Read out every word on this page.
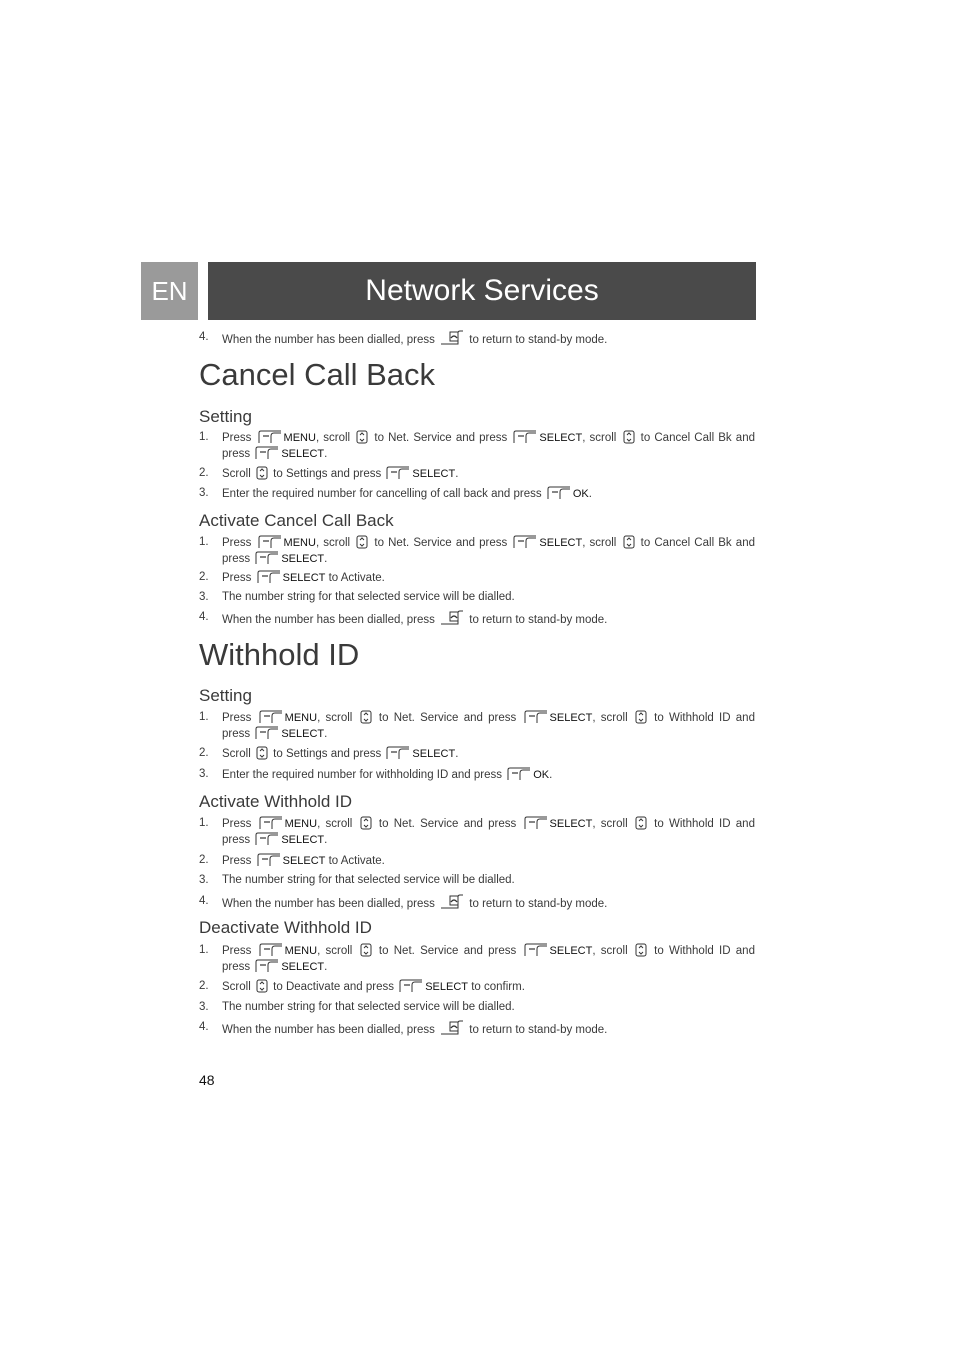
EN	Network Services
4. When the number has been dialled, press	to return to stand-by mode.
Cancel Call Back
Setting
1. Press	MENU, scroll to Net. Service and press	SELECT, scroll to Cancel Call Bk and press	SELECT.
2. Scroll to Settings and press	SELECT.
3. Enter the required number for cancelling of call back and press	OK.
Activate Cancel Call Back
1. Press	MENU, scroll to Net. Service and press	SELECT, scroll to Cancel Call Bk and press	SELECT.
2. Press	SELECT to Activate.
3. The number string for that selected service will be dialled.
4. When the number has been dialled, press	to return to stand-by mode.
Withhold ID
Setting
1. Press	MENU, scroll to Net. Service and press	SELECT, scroll to Withhold ID and press	SELECT.
2. Scroll to Settings and press	SELECT.
3. Enter the required number for withholding ID and press	OK.
Activate Withhold ID
1. Press	MENU, scroll to Net. Service and press	SELECT, scroll to Withhold ID and press	SELECT.
2. Press	SELECT to Activate.
3. The number string for that selected service will be dialled.
4. When the number has been dialled, press	to return to stand-by mode.
Deactivate Withhold ID
1. Press	MENU, scroll to Net. Service and press	SELECT, scroll to Withhold ID and press	SELECT.
2. Scroll to Deactivate and press	SELECT to confirm.
3. The number string for that selected service will be dialled.
4. When the number has been dialled, press	to return to stand-by mode.
48
